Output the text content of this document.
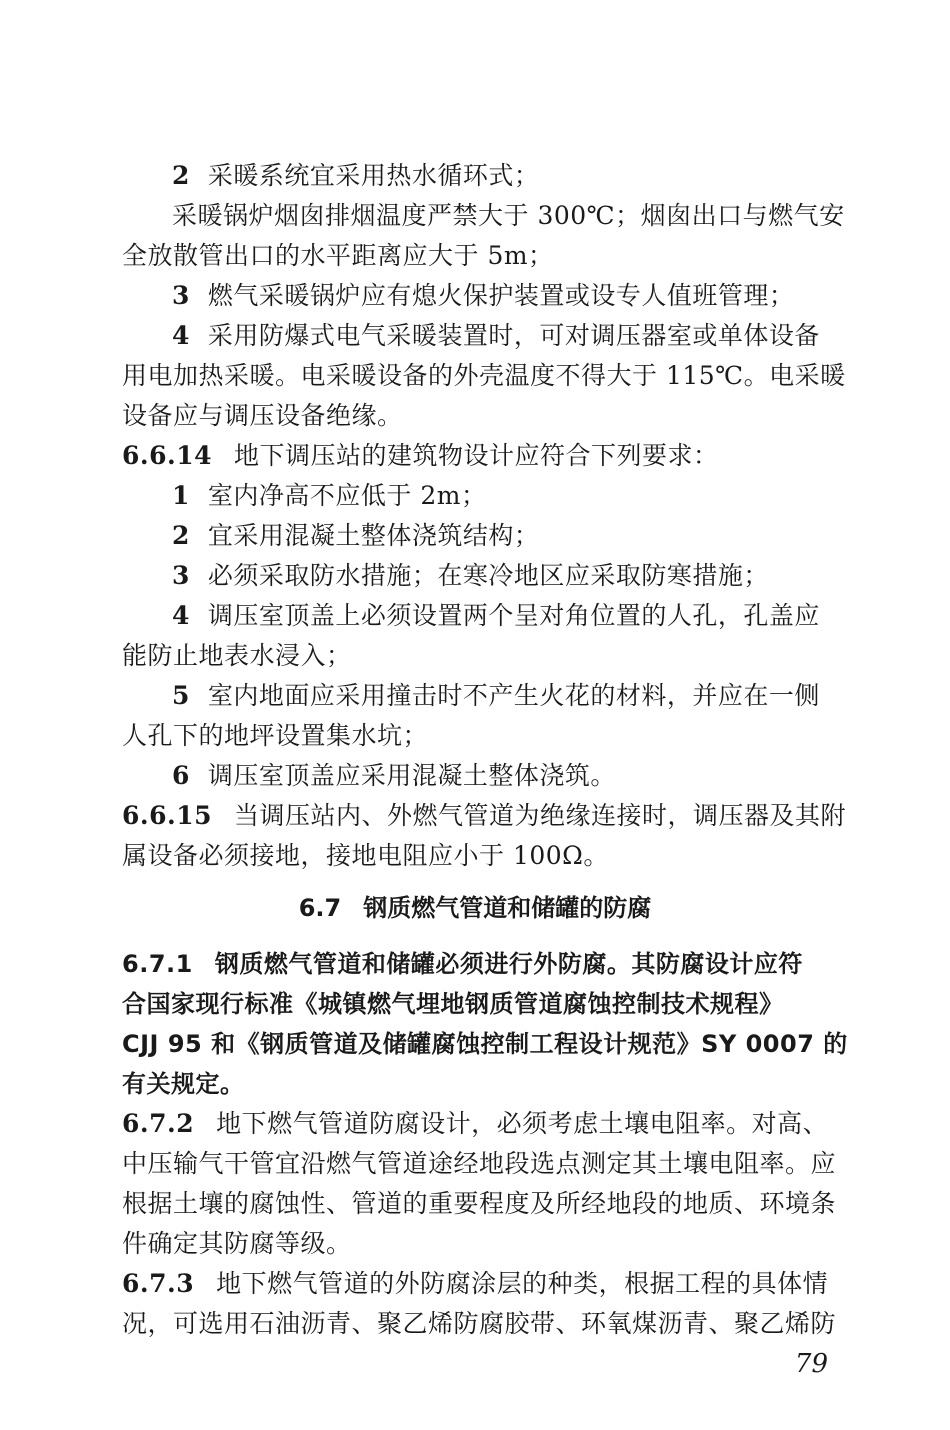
2 采暖系统宜采用热水循环式；
采暖锅炉烟囱排烟温度严禁大于 300℃；烟囱出口与燃气安
全放散管出口的水平距离应大于 5m；
3 燃气采暖锅炉应有熄火保护装置或设专人值班管理；
4 采用防爆式电气采暖装置时，可对调压器室或单体设备
用电加热采暖。电采暖设备的外壳温度不得大于 115℃。电采暖
设备应与调压设备绝缘。
6.6.14 地下调压站的建筑物设计应符合下列要求：
1 室内净高不应低于 2m；
2 宜采用混凝土整体浇筑结构；
3 必须采取防水措施；在寒冷地区应采取防寒措施；
4 调压室顶盖上必须设置两个呈对角位置的人孔，孔盖应
能防止地表水浸入；
5 室内地面应采用撞击时不产生火花的材料，并应在一侧
人孔下的地坪设置集水坑；
6 调压室顶盖应采用混凝土整体浇筑。
6.6.15 当调压站内、外燃气管道为绝缘连接时，调压器及其附
属设备必须接地，接地电阻应小于 100Ω。
6.7 钢质燃气管道和储罐的防腐
6.7.1 钢质燃气管道和储罐必须进行外防腐。其防腐设计应符
合国家现行标准《城镇燃气埋地钢质管道腐蚀控制技术规程》
CJJ 95 和《钢质管道及储罐腐蚀控制工程设计规范》SY 0007 的
有关规定。
6.7.2 地下燃气管道防腐设计，必须考虑土壤电阻率。对高、
中压输气干管宜沿燃气管道途经地段选点测定其土壤电阻率。应
根据土壤的腐蚀性、管道的重要程度及所经地段的地质、环境条
件确定其防腐等级。
6.7.3 地下燃气管道的外防腐涂层的种类，根据工程的具体情
况，可选用石油沥青、聚乙烯防腐胶带、环氧煤沥青、聚乙烯防
79
